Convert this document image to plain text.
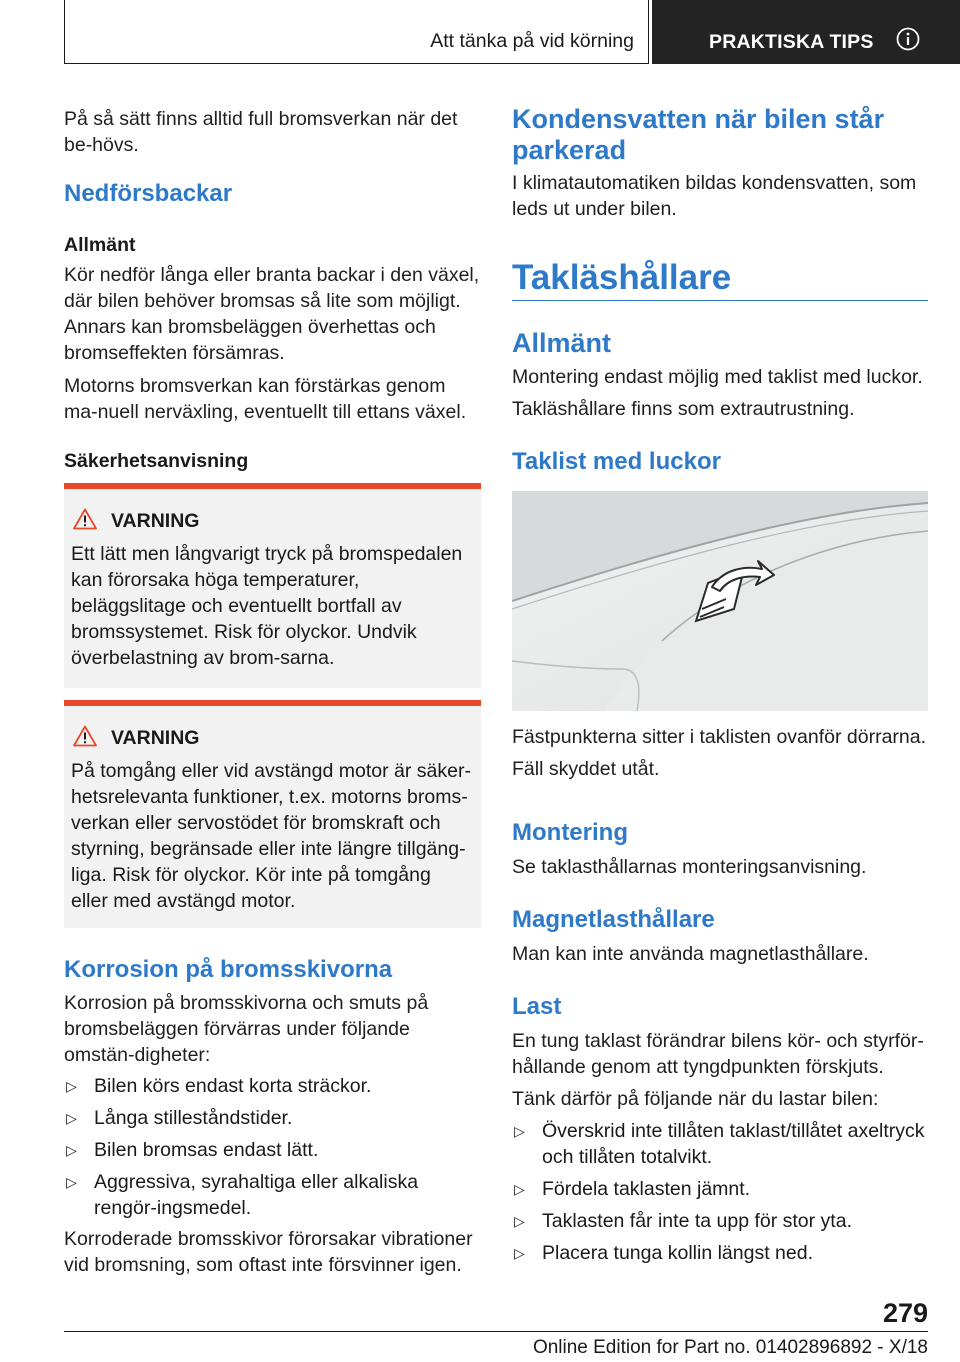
Att tänka på vid körning	PRAKTISKA TIPS

På så sätt finns alltid full bromsverkan när det be-hövs.

Nedförsbackar
Allmänt

Kör nedför långa eller branta backar i den växel, där bilen behöver bromsas så lite som möjligt. Annars kan bromsbeläggen överhettas och bromseffekten försämras.

Motorns bromsverkan kan förstärkas genom ma-nuell nerväxling, eventuellt till ettans växel.

Säkerhetsanvisning
VARNING

Ett lätt men långvarigt tryck på bromspedalen kan förorsaka höga temperaturer, beläggslitage och eventuellt bortfall av bromssystemet. Risk för olyckor. Undvik överbelastning av brom-sarna.

VARNING

På tomgång eller vid avstängd motor är säker-hetsrelevanta funktioner, t.ex. motorns broms-verkan eller servostödet för bromskraft och styrning, begränsade eller inte längre tillgäng-liga. Risk för olyckor. Kör inte på tomgång eller med avstängd motor.

Korrosion på bromsskivorna

Korrosion på bromsskivorna och smuts på bromsbeläggen förvärras under följande omstän-digheter:

▷ Bilen körs endast korta sträckor.
▷ Långa stilleståndstider.
▷ Bilen bromsas endast lätt.
▷ Aggressiva, syrahaltiga eller alkaliska rengör-ingsmedel.

Korroderade bromsskivor förorsakar vibrationer vid bromsning, som oftast inte försvinner igen.

Kondensvatten när bilen står parkerad

I klimatautomatiken bildas kondensvatten, som leds ut under bilen.

Takläshållare
Allmänt

Montering endast möjlig med taklist med luckor.

Takläshållare finns som extrautrustning.

Taklist med luckor

Fästpunkterna sitter i taklisten ovanför dörrarna.

Fäll skyddet utåt.

Montering

Se taklasthållarnas monteringsanvisning.

Magnetlasthållare

Man kan inte använda magnetlasthållare.

Last

En tung taklast förändrar bilens kör- och styrför-hållande genom att tyngdpunkten förskjuts.

Tänk därför på följande när du lastar bilen:

▷ Överskrid inte tillåten taklast/tillåtet axeltryck och tillåten totalvikt.
▷ Fördela taklasten jämnt.
▷ Taklasten får inte ta upp för stor yta.
▷ Placera tunga kollin längst ned.
279
Online Edition for Part no. 01402896892 - X/18
